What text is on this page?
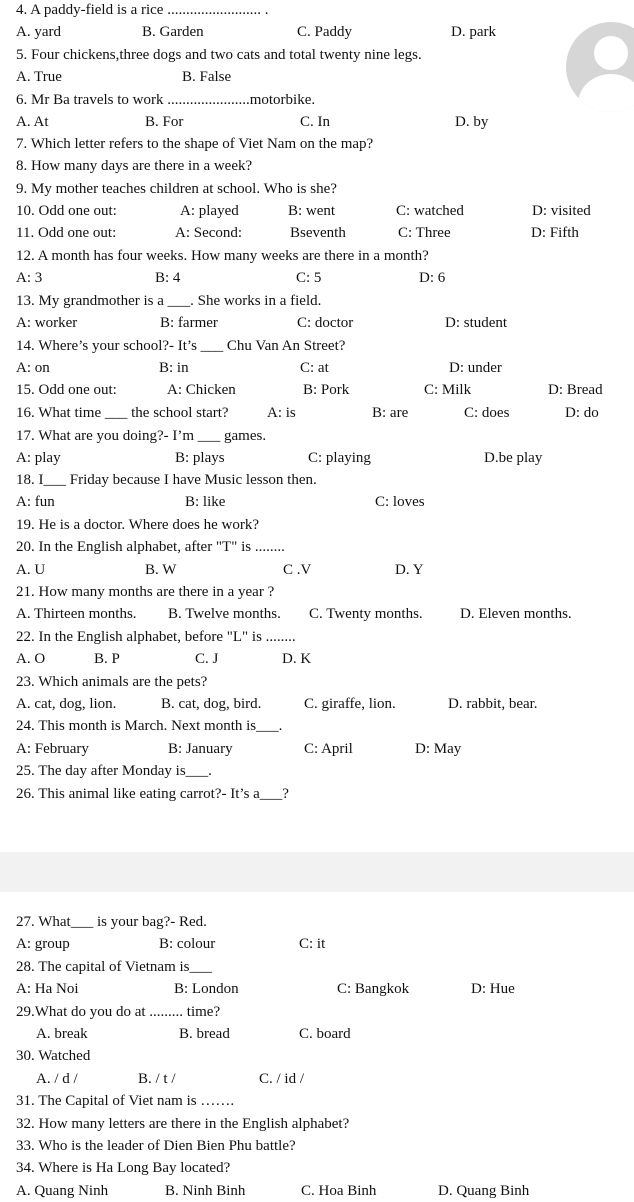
4. A paddy-field is a rice ......................... .
A. yard	B. Garden	C. Paddy	D. park
5. Four chickens,three dogs and two cats and total twenty nine legs.
A. True	B. False
6. Mr Ba travels to work ......................motorbike.
A. At	B. For	C. In	D. by
7. Which letter refers to the shape of Viet Nam on the map?
8. How many days are there in a week?
9. My mother teaches children at school. Who is she?
10. Odd one out:	A: played	B: went	C: watched	D: visited
11. Odd one out:	A: Second:	Bseventh	C: Three	D: Fifth
12. A month has four weeks. How many weeks are there in a month?
A: 3	B: 4	C: 5	D: 6
13. My grandmother is a ___. She works in a field.
A: worker	B: farmer	C: doctor	D: student
14. Where’s your school?- It’s ___ Chu Van An Street?
A: on	B: in	C: at	D: under
15. Odd one out:	A: Chicken	B: Pork	C: Milk	D: Bread
16. What time ___ the school start?	A: is	B: are	C: does	D: do
17. What are you doing?- I’m ___ games.
A: play	B: plays	C: playing	D.be play
18. I___ Friday because I have Music lesson then.
A: fun	B: like	C: loves
19. He is a doctor. Where does he work?
20. In the English alphabet, after "T" is ........
A. U	B. W	C .V	D. Y
21. How many months are there in a year ?
A. Thirteen months. B. Twelve months. C. Twenty months. D. Eleven months.
22. In the English alphabet, before "L" is ........
A. O	B. P	C. J	D. K
23. Which animals are the pets?
A. cat, dog, lion.	B. cat, dog, bird.	C. giraffe, lion.	D. rabbit, bear.
24. This month is March. Next month is___.
A: February	B: January	C: April	D: May
25. The day after Monday is___.
26. This animal like eating carrot?- It’s a___?
27. What___ is your bag?- Red.
A: group	B: colour	C: it
28. The capital of Vietnam is___
A: Ha Noi	B: London	C: Bangkok	D: Hue
29.What do you do at ......... time?
A. break	B. bread	C. board
30. Watched
A. / d /	B. / t /	C. / id /
31. The Capital of Viet nam is …….
32. How many letters are there in the English alphabet?
33. Who is the leader of Dien Bien Phu battle?
34. Where is Ha Long Bay located?
A. Quang Ninh	B. Ninh Binh	C. Hoa Binh	D. Quang Binh
